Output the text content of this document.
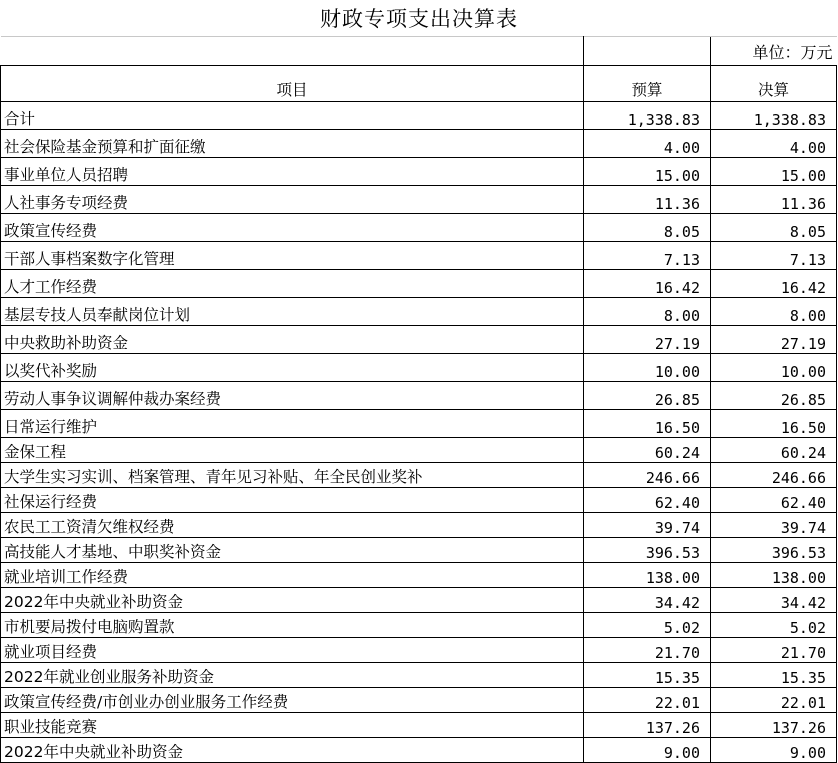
财政专项支出决算表
		单位：万元
项目	预算	决算
合计	1,338.83	1,338.83
社会保险基金预算和扩面征缴	4.00	4.00
事业单位人员招聘	15.00	15.00
人社事务专项经费	11.36	11.36
政策宣传经费	8.05	8.05
干部人事档案数字化管理	7.13	7.13
人才工作经费	16.42	16.42
基层专技人员奉献岗位计划	8.00	8.00
中央救助补助资金	27.19	27.19
以奖代补奖励	10.00	10.00
劳动人事争议调解仲裁办案经费	26.85	26.85
日常运行维护	16.50	16.50
金保工程	60.24	60.24
大学生实习实训、档案管理、青年见习补贴、年全民创业奖补	246.66	246.66
社保运行经费	62.40	62.40
农民工工资清欠维权经费	39.74	39.74
高技能人才基地、中职奖补资金	396.53	396.53
就业培训工作经费	138.00	138.00
2022年中央就业补助资金	34.42	34.42
市机要局拨付电脑购置款	5.02	5.02
就业项目经费	21.70	21.70
2022年就业创业服务补助资金	15.35	15.35
政策宣传经费/市创业办创业服务工作经费	22.01	22.01
职业技能竞赛	137.26	137.26
2022年中央就业补助资金	9.00	9.00
